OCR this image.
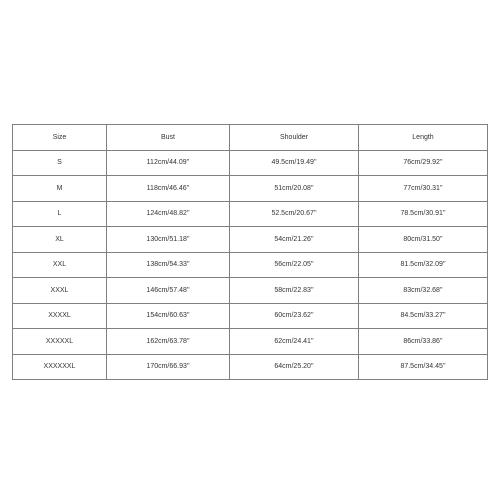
Size	Bust	Shoulder	Length
S	112cm/44.09''	49.5cm/19.49''	76cm/29.92''
M	118cm/46.46''	51cm/20.08''	77cm/30.31''
L	124cm/48.82''	52.5cm/20.67''	78.5cm/30.91''
XL	130cm/51.18''	54cm/21.26''	80cm/31.50''
XXL	138cm/54.33''	56cm/22.05''	81.5cm/32.09''
XXXL	146cm/57.48''	58cm/22.83''	83cm/32.68''
XXXXL	154cm/60.63''	60cm/23.62''	84.5cm/33.27''
XXXXXL	162cm/63.78''	62cm/24.41''	86cm/33.86''
XXXXXXL	170cm/66.93''	64cm/25.20''	87.5cm/34.45''
